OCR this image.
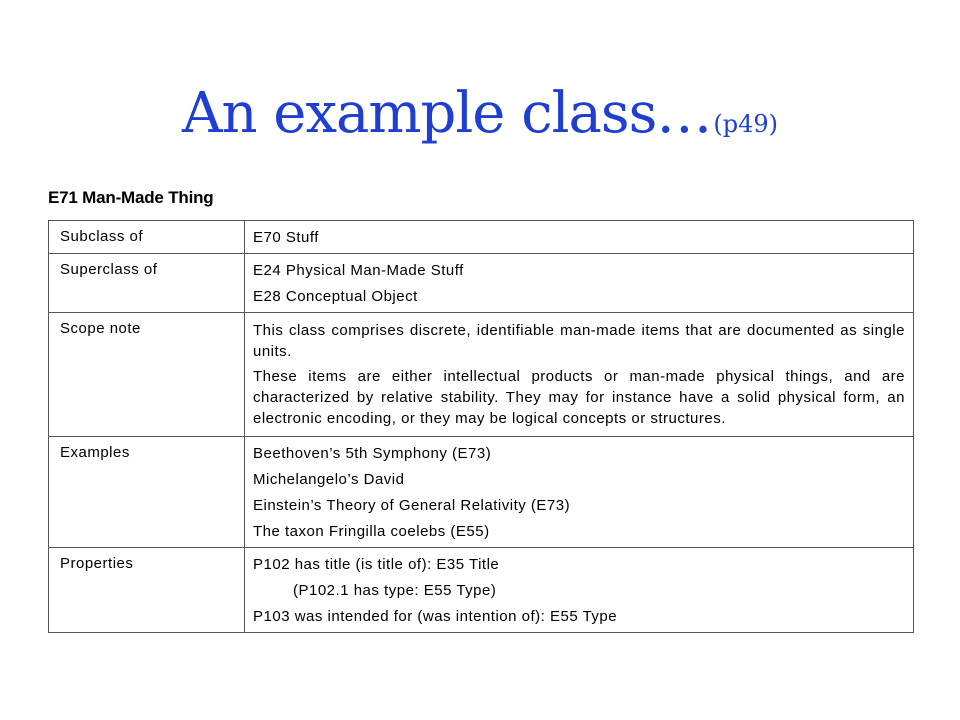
An example class…(p49)
E71 Man-Made Thing
Subclass of	E70 Stuff

Superclass of	E24 Physical Man-Made Stuff
E28 Conceptual Object

Scope note	This class comprises discrete, identifiable man-made items that are documented as single units.
These items are either intellectual products or man-made physical things, and are characterized by relative stability. They may for instance have a solid physical form, an electronic encoding, or they may be logical concepts or structures.

Examples	Beethoven’s 5th Symphony (E73)
Michelangelo’s David
Einstein’s Theory of General Relativity (E73)
The taxon Fringilla coelebs (E55)

Properties	P102 has title (is title of): E35 Title
(P102.1 has type: E55 Type)
P103 was intended for (was intention of): E55 Type
